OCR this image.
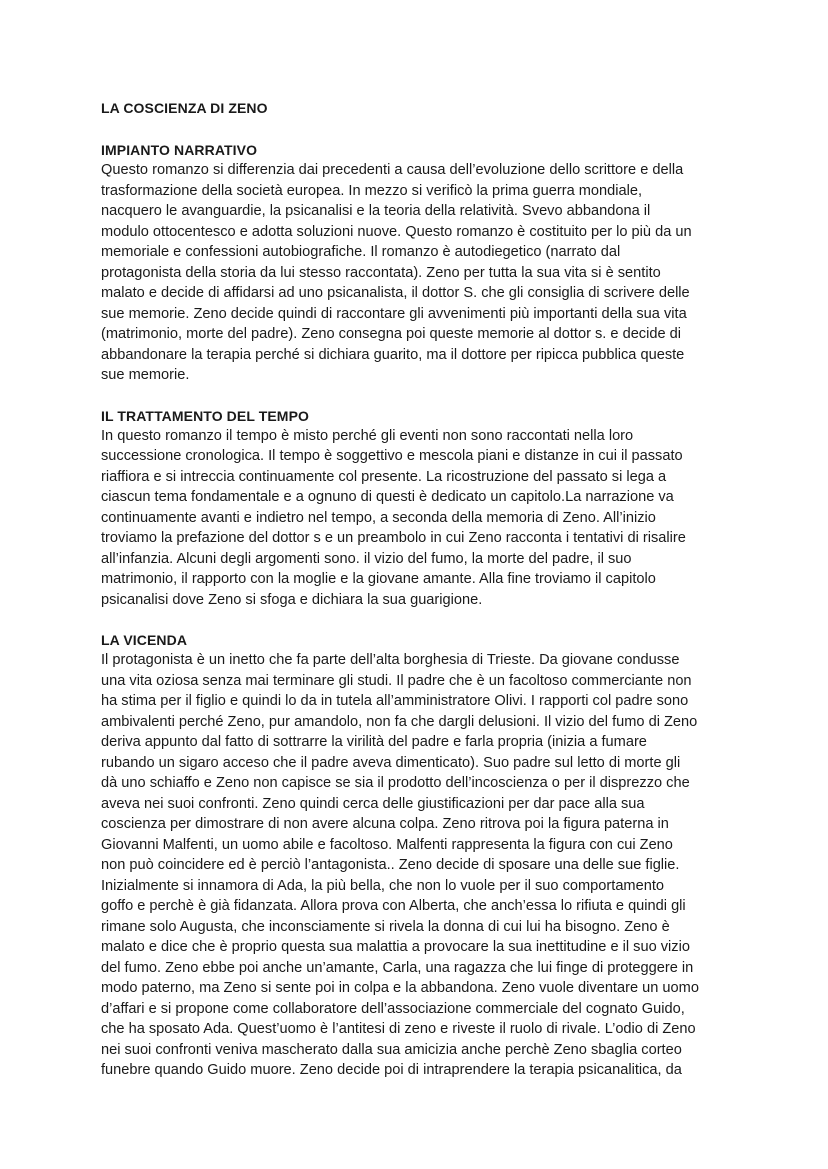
LA COSCIENZA DI ZENO
IMPIANTO NARRATIVO

Questo romanzo si differenzia dai precedenti a causa dell’evoluzione dello scrittore e della
trasformazione della società europea. In mezzo si verificò la prima guerra mondiale,
nacquero le avanguardie, la psicanalisi e la teoria della relatività. Svevo abbandona il
modulo ottocentesco e adotta soluzioni nuove. Questo romanzo è costituito per lo più da un
memoriale e confessioni autobiografiche. Il romanzo è autodiegetico (narrato dal
protagonista della storia da lui stesso raccontata). Zeno per tutta la sua vita si è sentito
malato e decide di affidarsi ad uno psicanalista, il dottor S. che gli consiglia di scrivere delle
sue memorie. Zeno decide quindi di raccontare gli avvenimenti più importanti della sua vita
(matrimonio, morte del padre). Zeno consegna poi queste memorie al dottor s. e decide di
abbandonare la terapia perché si dichiara guarito, ma il dottore per ripicca pubblica queste
sue memorie.

IL TRATTAMENTO DEL TEMPO

In questo romanzo il tempo è misto perché gli eventi non sono raccontati nella loro
successione cronologica. Il tempo è soggettivo e mescola piani e distanze in cui il passato
riaffiora e si intreccia continuamente col presente. La ricostruzione del passato si lega a
ciascun tema fondamentale e a ognuno di questi è dedicato un capitolo.La narrazione va
continuamente avanti e indietro nel tempo, a seconda della memoria di Zeno. All’inizio
troviamo la prefazione del dottor s e un preambolo in cui Zeno racconta i tentativi di risalire
all’infanzia. Alcuni degli argomenti sono. il vizio del fumo, la morte del padre, il suo
matrimonio, il rapporto con la moglie e la giovane amante. Alla fine troviamo il capitolo
psicanalisi dove Zeno si sfoga e dichiara la sua guarigione.

LA VICENDA

Il protagonista è un inetto che fa parte dell’alta borghesia di Trieste. Da giovane condusse
una vita oziosa senza mai terminare gli studi. Il padre che è un facoltoso commerciante non
ha stima per il figlio e quindi lo da in tutela all’amministratore Olivi. I rapporti col padre sono
ambivalenti perché Zeno, pur amandolo, non fa che dargli delusioni. Il vizio del fumo di Zeno
deriva appunto dal fatto di sottrarre la virilità del padre e farla propria (inizia a fumare
rubando un sigaro acceso che il padre aveva dimenticato). Suo padre sul letto di morte gli
dà uno schiaffo e Zeno non capisce se sia il prodotto dell’incoscienza o per il disprezzo che
aveva nei suoi confronti. Zeno quindi cerca delle giustificazioni per dar pace alla sua
coscienza per dimostrare di non avere alcuna colpa. Zeno ritrova poi la figura paterna in
Giovanni Malfenti, un uomo abile e facoltoso. Malfenti rappresenta la figura con cui Zeno
non può coincidere ed è perciò l’antagonista.. Zeno decide di sposare una delle sue figlie.
Inizialmente si innamora di Ada, la più bella, che non lo vuole per il suo comportamento
goffo e perchè è già fidanzata. Allora prova con Alberta, che anch’essa lo rifiuta e quindi gli
rimane solo Augusta, che inconsciamente si rivela la donna di cui lui ha bisogno. Zeno è
malato e dice che è proprio questa sua malattia a provocare la sua inettitudine e il suo vizio
del fumo. Zeno ebbe poi anche un’amante, Carla, una ragazza che lui finge di proteggere in
modo paterno, ma Zeno si sente poi in colpa e la abbandona. Zeno vuole diventare un uomo
d’affari e si propone come collaboratore dell’associazione commerciale del cognato Guido,
che ha sposato Ada. Quest’uomo è l’antitesi di zeno e riveste il ruolo di rivale. L’odio di Zeno
nei suoi confronti veniva mascherato dalla sua amicizia anche perchè Zeno sbaglia corteo
funebre quando Guido muore. Zeno decide poi di intraprendere la terapia psicanalitica, da
